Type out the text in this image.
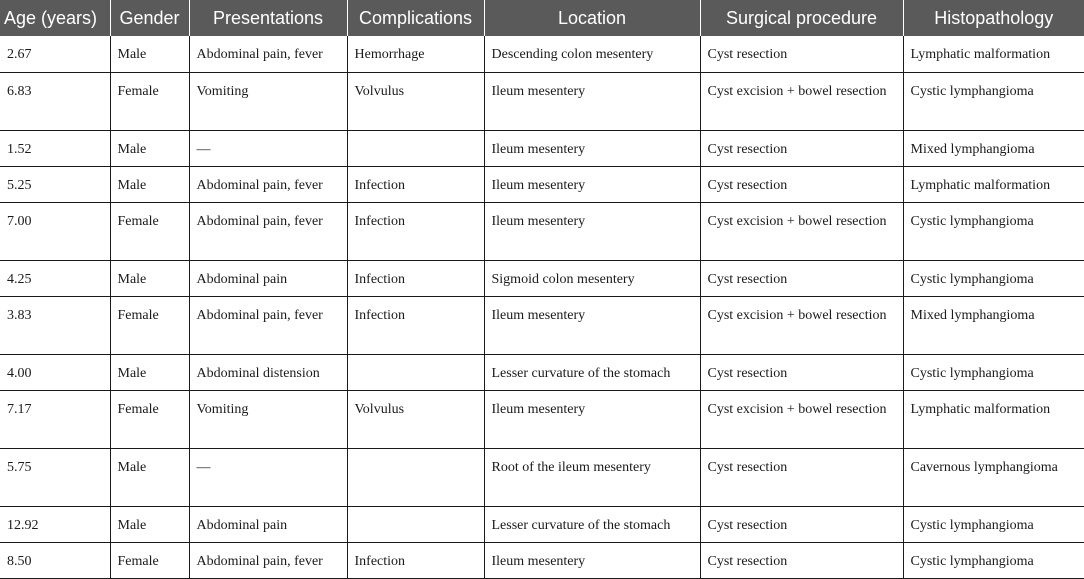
Age (years)	Gender	Presentations	Complications	Location	Surgical procedure	Histopathology
2.67	Male	Abdominal pain, fever	Hemorrhage	Descending colon mesentery	Cyst resection	Lymphatic malformation
6.83	Female	Vomiting	Volvulus	Ileum mesentery	Cyst excision + bowel resection	Cystic lymphangioma
1.52	Male	—		Ileum mesentery	Cyst resection	Mixed lymphangioma
5.25	Male	Abdominal pain, fever	Infection	Ileum mesentery	Cyst resection	Lymphatic malformation
7.00	Female	Abdominal pain, fever	Infection	Ileum mesentery	Cyst excision + bowel resection	Cystic lymphangioma
4.25	Male	Abdominal pain	Infection	Sigmoid colon mesentery	Cyst resection	Cystic lymphangioma
3.83	Female	Abdominal pain, fever	Infection	Ileum mesentery	Cyst excision + bowel resection	Mixed lymphangioma
4.00	Male	Abdominal distension		Lesser curvature of the stomach	Cyst resection	Cystic lymphangioma
7.17	Female	Vomiting	Volvulus	Ileum mesentery	Cyst excision + bowel resection	Lymphatic malformation
5.75	Male	—		Root of the ileum mesentery	Cyst resection	Cavernous lymphangioma
12.92	Male	Abdominal pain		Lesser curvature of the stomach	Cyst resection	Cystic lymphangioma
8.50	Female	Abdominal pain, fever	Infection	Ileum mesentery	Cyst resection	Cystic lymphangioma
